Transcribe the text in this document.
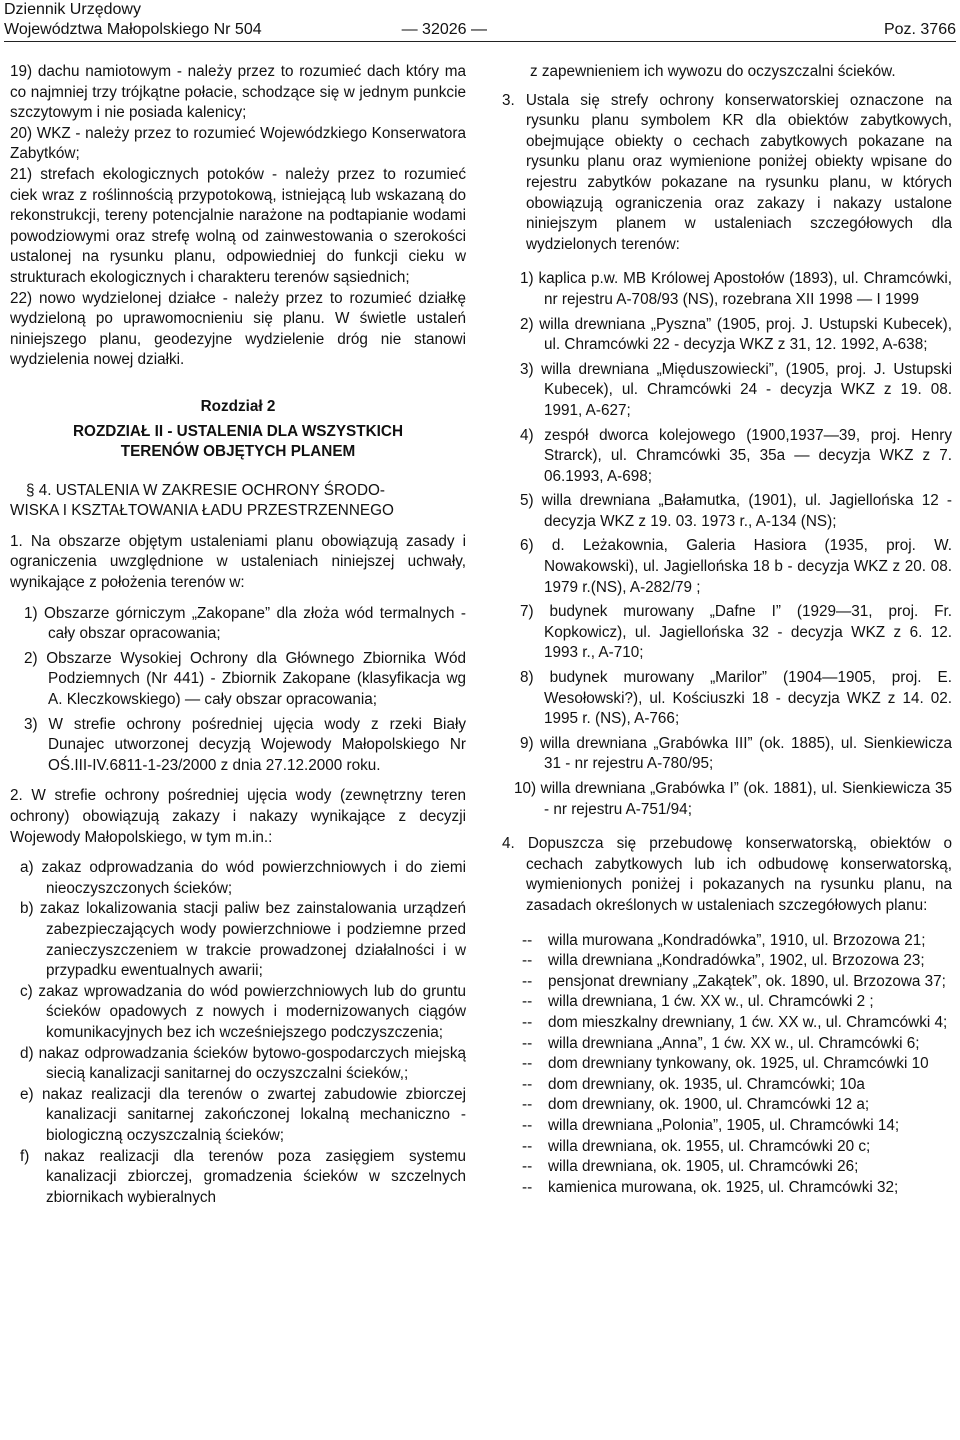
Dziennik Urzędowy
Województwa Małopolskiego Nr 504	— 32026 —	Poz. 3766

19) dachu namiotowym - należy przez to rozumieć dach który ma co najmniej trzy trójkątne połacie, schodzące się w jednym punkcie szczytowym i nie posiada kalenicy;

20) WKZ - należy przez to rozumieć Wojewódzkiego Konserwatora Zabytków;

21) strefach ekologicznych potoków - należy przez to rozumieć ciek wraz z roślinnością przypotokową, istniejącą lub wskazaną do rekonstrukcji, tereny potencjalnie narażone na podtapianie wodami powodziowymi oraz strefę wolną od zainwestowania o szerokości ustalonej na rysunku planu, odpowiedniej do funkcji cieku w strukturach ekologicznych i charakteru terenów sąsiednich;

22) nowo wydzielonej działce - należy przez to rozumieć działkę wydzieloną po uprawomocnieniu się planu. W świetle ustaleń niniejszego planu, geodezyjne wydzielenie dróg nie stanowi wydzielenia nowej działki.

Rozdział 2

ROZDZIAŁ II - USTALENIA DLA WSZYSTKICH

TERENÓW OBJĘTYCH PLANEM

§ 4. USTALENIA W ZAKRESIE OCHRONY ŚRODO-

WISKA I KSZTAŁTOWANIA ŁADU PRZESTRZENNEGO

1. Na obszarze objętym ustaleniami planu obowiązują zasady i ograniczenia uwzględnione w ustaleniach niniejszej uchwały, wynikające z położenia terenów w:

1) Obszarze górniczym „Zakopane” dla złoża wód termalnych - cały obszar opracowania;

2) Obszarze Wysokiej Ochrony dla Głównego Zbiornika Wód Podziemnych (Nr 441) - Zbiornik Zakopane (klasyfikacja wg A. Kleczkowskiego) — cały obszar opracowania;

3) W strefie ochrony pośredniej ujęcia wody z rzeki Biały Dunajec utworzonej decyzją Wojewody Małopolskiego Nr OŚ.III-IV.6811-1-23/2000 z dnia 27.12.2000 roku.

2. W strefie ochrony pośredniej ujęcia wody (zewnętrzny teren ochrony) obowiązują zakazy i nakazy wynikające z decyzji Wojewody Małopolskiego, w tym m.in.:

a) zakaz odprowadzania do wód powierzchniowych i do ziemi nieoczyszczonych ścieków;

b) zakaz lokalizowania stacji paliw bez zainstalowania urządzeń zabezpieczających wody powierzchniowe i podziemne przed zanieczyszczeniem w trakcie prowadzonej działalności i w przypadku ewentualnych awarii;

c) zakaz wprowadzania do wód powierzchniowych lub do gruntu ścieków opadowych z nowych i modernizowanych ciągów komunikacyjnych bez ich wcześniejszego podczyszczenia;

d) nakaz odprowadzania ścieków bytowo-gospodarczych miejską siecią kanalizacji sanitarnej do oczyszczalni ścieków,;

e) nakaz realizacji dla terenów o zwartej zabudowie zbiorczej kanalizacji sanitarnej zakończonej lokalną mechaniczno -biologiczną oczyszczalnią ścieków;

f) nakaz realizacji dla terenów poza zasięgiem systemu kanalizacji zbiorczej, gromadzenia ścieków w szczelnych zbiornikach wybieralnych

z zapewnieniem ich wywozu do oczyszczalni ścieków.

3. Ustala się strefy ochrony konserwatorskiej oznaczone na rysunku planu symbolem KR dla obiektów zabytkowych, obejmujące obiekty o cechach zabytkowych pokazane na rysunku planu oraz wymienione poniżej obiekty wpisane do rejestru zabytków pokazane na rysunku planu, w których obowiązują ograniczenia oraz zakazy i nakazy ustalone niniejszym planem w ustaleniach szczegółowych dla wydzielonych terenów:

1) kaplica p.w. MB Królowej Apostołów (1893), ul. Chramcówki, nr rejestru A-708/93 (NS), rozebrana XII 1998 — I 1999

2) willa drewniana „Pyszna” (1905, proj. J. Ustupski Kubecek), ul. Chramcówki 22 - decyzja WKZ z 31, 12. 1992, A-638;

3) willa drewniana „Międuszowiecki”, (1905, proj. J. Ustupski Kubecek), ul. Chramcówki 24 - decyzja WKZ z 19. 08. 1991, A-627;

4) zespół dworca kolejowego (1900,1937—39, proj. Henry Strarck), ul. Chramcówki 35, 35a — decyzja WKZ z 7. 06.1993, A-698;

5) willa drewniana „Bałamutka, (1901), ul. Jagiellońska 12 - decyzja WKZ z 19. 03. 1973 r., A-134 (NS);

6) d. Leżakownia, Galeria Hasiora (1935, proj. W. Nowakowski), ul. Jagiellońska 18 b - decyzja WKZ z 20. 08. 1979 r.(NS), A-282/79 ;

7) budynek murowany „Dafne I” (1929—31, proj. Fr. Kopkowicz), ul. Jagiellońska 32 - decyzja WKZ z 6. 12. 1993 r., A-710;

8) budynek murowany „Marilor” (1904—1905, proj. E. Wesołowski?), ul. Kościuszki 18 - decyzja WKZ z 14. 02. 1995 r. (NS), A-766;

9) willa drewniana „Grabówka III” (ok. 1885), ul. Sienkiewicza 31 - nr rejestru A-780/95;

10) willa drewniana „Grabówka I” (ok. 1881), ul. Sienkiewicza 35 - nr rejestru A-751/94;

4. Dopuszcza się przebudowę konserwatorską, obiektów o cechach zabytkowych lub ich odbudowę konserwatorską, wymienionych poniżej i pokazanych na rysunku planu, na zasadach określonych w ustaleniach szczegółowych planu:

--	willa murowana „Kondradówka”, 1910, ul. Brzozowa 21;
--	willa drewniana „Kondradówka”, 1902, ul. Brzozowa 23;
--	pensjonat drewniany „Zakątek”, ok. 1890, ul. Brzozowa 37;
--	willa drewniana, 1 ćw. XX w., ul. Chramcówki 2 ;
--	dom mieszkalny drewniany, 1 ćw. XX w., ul. Chramcówki 4;
--	willa drewniana „Anna”, 1 ćw. XX w., ul. Chramcówki 6;
--	dom drewniany tynkowany, ok. 1925, ul. Chramcówki 10
--	dom drewniany, ok. 1935, ul. Chramcówki; 10a
--	dom drewniany, ok. 1900, ul. Chramcówki 12 a;
--	willa drewniana „Polonia”, 1905, ul. Chramcówki 14;
--	willa drewniana, ok. 1955, ul. Chramcówki 20 c;
--	willa drewniana, ok. 1905, ul. Chramcówki 26;
--	kamienica murowana, ok. 1925, ul. Chramcówki 32;
